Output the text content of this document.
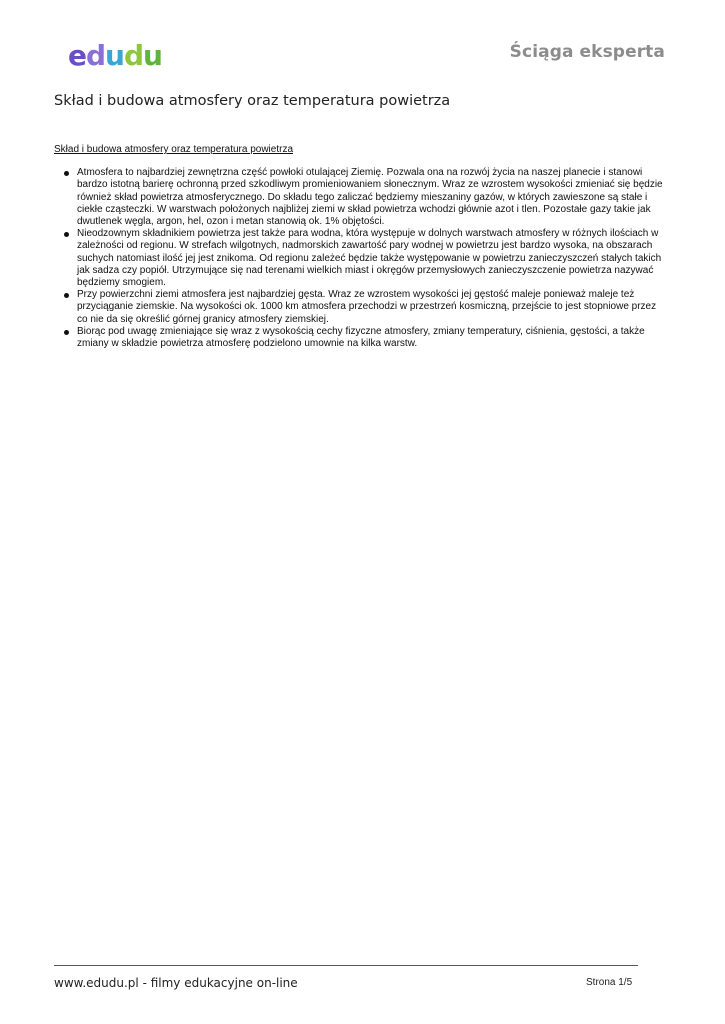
edudu	Ściąga eksperta
Skład i budowa atmosfery oraz temperatura powietrza
Skład i budowa atmosfery oraz temperatura powietrza
Atmosfera to najbardziej zewnętrzna część powłoki otulającej Ziemię. Pozwala ona na rozwój życia na naszej planecie i stanowi bardzo istotną barierę ochronną przed szkodliwym promieniowaniem słonecznym. Wraz ze wzrostem wysokości zmieniać się będzie również skład powietrza atmosferycznego. Do składu tego zaliczać będziemy mieszaniny gazów, w których zawieszone są stałe i ciekłe cząsteczki. W warstwach położonych najbliżej ziemi w skład powietrza wchodzi głównie azot i tlen. Pozostałe gazy takie jak dwutlenek węgla, argon, hel, ozon i metan stanowią ok. 1% objętości.
Nieodzownym składnikiem powietrza jest także para wodna, która występuje w dolnych warstwach atmosfery w różnych ilościach w zależności od regionu. W strefach wilgotnych, nadmorskich zawartość pary wodnej w powietrzu jest bardzo wysoka, na obszarach suchych natomiast ilość jej jest znikoma. Od regionu zależeć będzie także występowanie w powietrzu zanieczyszczeń stałych takich jak sadza czy popiół. Utrzymujące się nad terenami wielkich miast i okręgów przemysłowych zanieczyszczenie powietrza nazywać będziemy smogiem.
Przy powierzchni ziemi atmosfera jest najbardziej gęsta. Wraz ze wzrostem wysokości jej gęstość maleje ponieważ maleje też przyciąganie ziemskie. Na wysokości ok. 1000 km atmosfera przechodzi w przestrzeń kosmiczną, przejście to jest stopniowe przez co nie da się określić górnej granicy atmosfery ziemskiej.
Biorąc pod uwagę zmieniające się wraz z wysokością cechy fizyczne atmosfery, zmiany temperatury, ciśnienia, gęstości, a także zmiany w składzie powietrza atmosferę podzielono umownie na kilka warstw.
www.edudu.pl - filmy edukacyjne on-line	Strona 1/5
